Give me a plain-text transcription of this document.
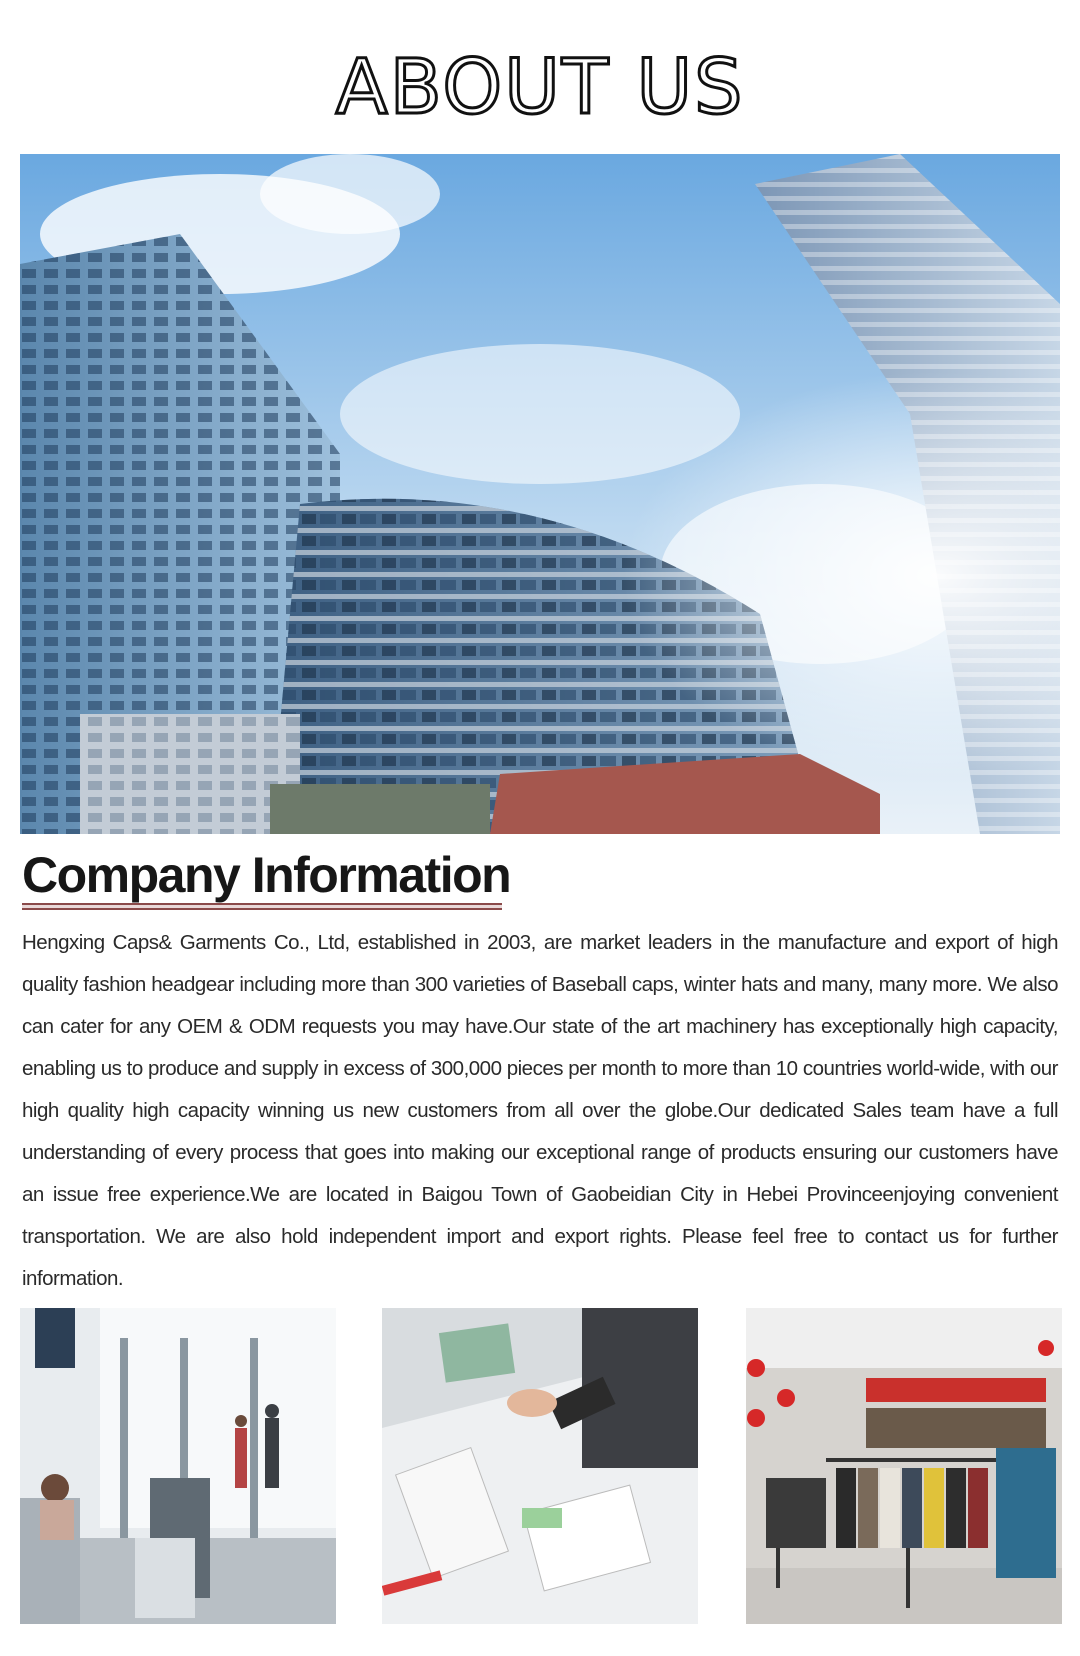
ABOUT US
Company Information

Hengxing Caps& Garments Co., Ltd, established in 2003, are market leaders in the manufacture and export of high quality fashion headgear including more than 300 varieties of Baseball caps, winter hats and many, many more. We also can cater for any OEM & ODM requests you may have.Our state of the art machinery has exceptionally high capacity, enabling us to produce and supply in excess of 300,000 pieces per month to more than 10 countries world-wide, with our high quality high capacity winning us new customers from all over the globe.Our dedicated Sales team have a full understanding of every process that goes into making our exceptional range of products ensuring our customers have an issue free experience.We are located in Baigou Town of Gaobeidian City in Hebei Provinceenjoying convenient transportation. We are also hold independent import and export rights. Please feel free to contact us for further information.
